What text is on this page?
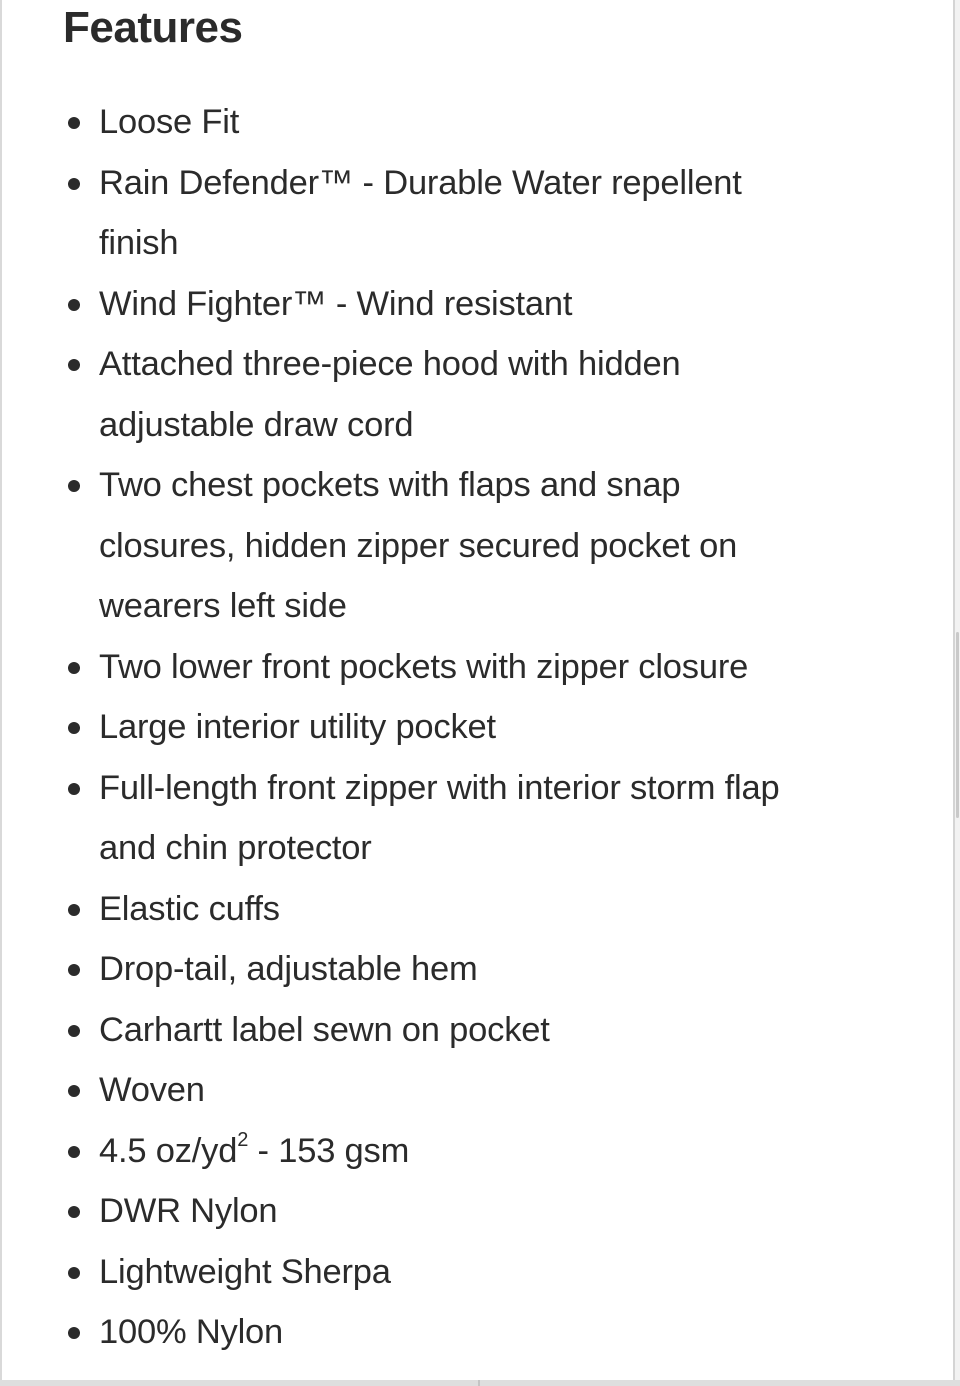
Features
Loose Fit
Rain Defender™ - Durable Water repellent finish
Wind Fighter™ - Wind resistant
Attached three-piece hood with hidden adjustable draw cord
Two chest pockets with flaps and snap closures, hidden zipper secured pocket on wearers left side
Two lower front pockets with zipper closure
Large interior utility pocket
Full-length front zipper with interior storm flap and chin protector
Elastic cuffs
Drop-tail, adjustable hem
Carhartt label sewn on pocket
Woven
4.5 $oz/yd^2 - 153$ gsm
DWR Nylon
Lightweight Sherpa
100% Nylon
